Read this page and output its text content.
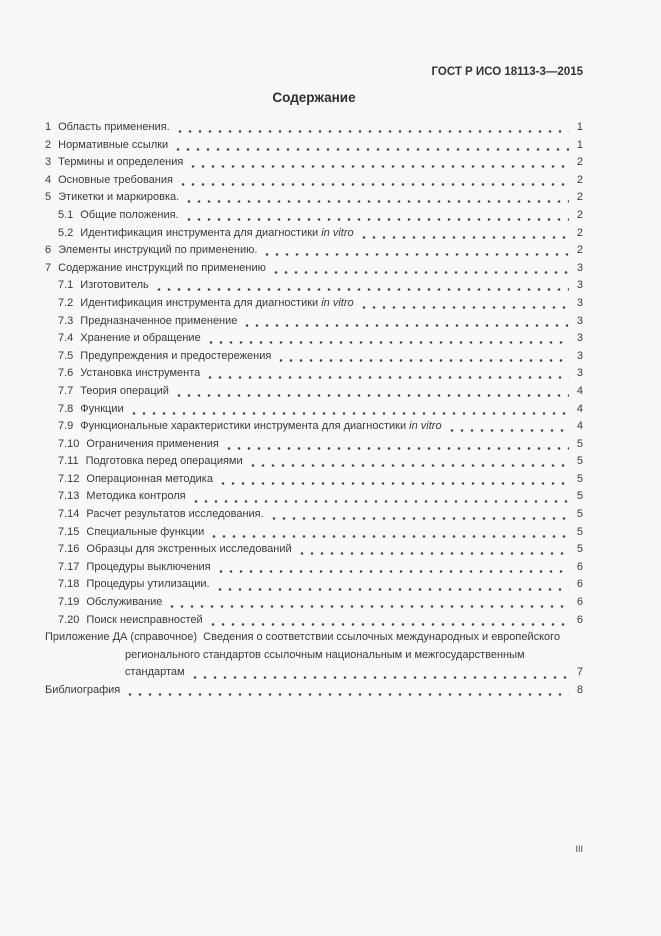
ГОСТ Р ИСО 18113-3—2015
Содержание
1 Область применения.	1
2 Нормативные ссылки	1
3 Термины и определения	2
4 Основные требования	2
5 Этикетки и маркировка.	2
5.1 Общие положения.	2
5.2 Идентификация инструмента для диагностики in vitro	2
6 Элементы инструкций по применению.	2
7 Содержание инструкций по применению	3
7.1 Изготовитель	3
7.2 Идентификация инструмента для диагностики in vitro	3
7.3 Предназначенное применение	3
7.4 Хранение и обращение	3
7.5 Предупреждения и предостережения	3
7.6 Установка инструмента	3
7.7 Теория операций	4
7.8 Функции	4
7.9 Функциональные характеристики инструмента для диагностики in vitro	4
7.10 Ограничения применения	5
7.11 Подготовка перед операциями	5
7.12 Операционная методика	5
7.13 Методика контроля	5
7.14 Расчет результатов исследования.	5
7.15 Специальные функции	5
7.16 Образцы для экстренных исследований	5
7.17 Процедуры выключения	6
7.18 Процедуры утилизации.	6
7.19 Обслуживание	6
7.20 Поиск неисправностей	6
Приложение ДА (справочное)  Сведения о соответствии ссылочных международных и европейского
регионального стандартов ссылочным национальным и межгосударственным
стандартам	7
Библиография	8
III
